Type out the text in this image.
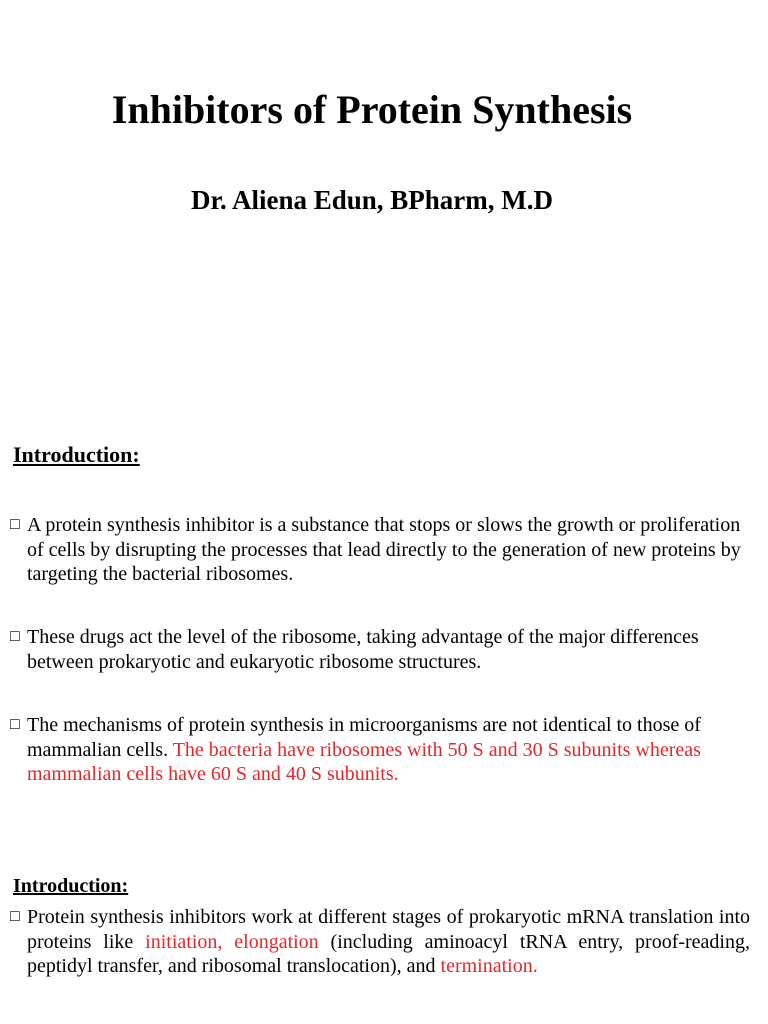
Inhibitors of Protein Synthesis
Dr. Aliena Edun, BPharm, M.D
Introduction:

□ A protein synthesis inhibitor is a substance that stops or slows the growth or proliferation of cells by disrupting the processes that lead directly to the generation of new proteins by targeting the bacterial ribosomes.

□ These drugs act the level of the ribosome, taking advantage of the major differences between prokaryotic and eukaryotic ribosome structures.

□ The mechanisms of protein synthesis in microorganisms are not identical to those of mammalian cells. The bacteria have ribosomes with 50 S and 30 S subunits whereas mammalian cells have 60 S and 40 S subunits.

Introduction:

□ Protein synthesis inhibitors work at different stages of prokaryotic mRNA translation into proteins like initiation, elongation (including aminoacyl tRNA entry, proof-reading, peptidyl transfer, and ribosomal translocation), and termination.
